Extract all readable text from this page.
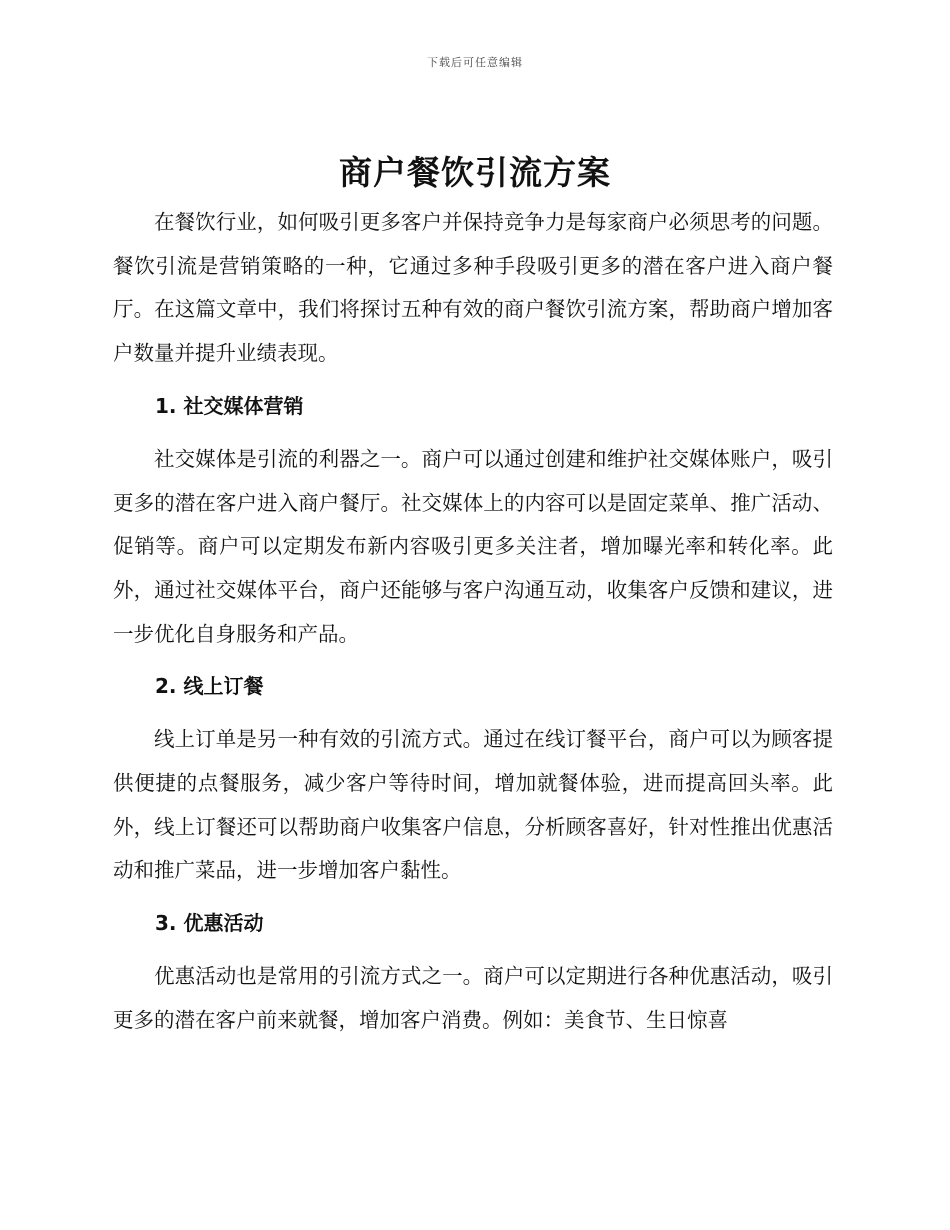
下载后可任意编辑
商户餐饮引流方案

在餐饮行业，如何吸引更多客户并保持竞争力是每家商户必须思考的问题。餐饮引流是营销策略的一种，它通过多种手段吸引更多的潜在客户进入商户餐厅。在这篇文章中，我们将探讨五种有效的商户餐饮引流方案，帮助商户增加客户数量并提升业绩表现。

1. 社交媒体营销

社交媒体是引流的利器之一。商户可以通过创建和维护社交媒体账户，吸引更多的潜在客户进入商户餐厅。社交媒体上的内容可以是固定菜单、推广活动、促销等。商户可以定期发布新内容吸引更多关注者，增加曝光率和转化率。此外，通过社交媒体平台，商户还能够与客户沟通互动，收集客户反馈和建议，进一步优化自身服务和产品。

2. 线上订餐

线上订单是另一种有效的引流方式。通过在线订餐平台，商户可以为顾客提供便捷的点餐服务，减少客户等待时间，增加就餐体验，进而提高回头率。此外，线上订餐还可以帮助商户收集客户信息，分析顾客喜好，针对性推出优惠活动和推广菜品，进一步增加客户黏性。

3. 优惠活动

优惠活动也是常用的引流方式之一。商户可以定期进行各种优惠活动，吸引更多的潜在客户前来就餐，增加客户消费。例如：美食节、生日惊喜
